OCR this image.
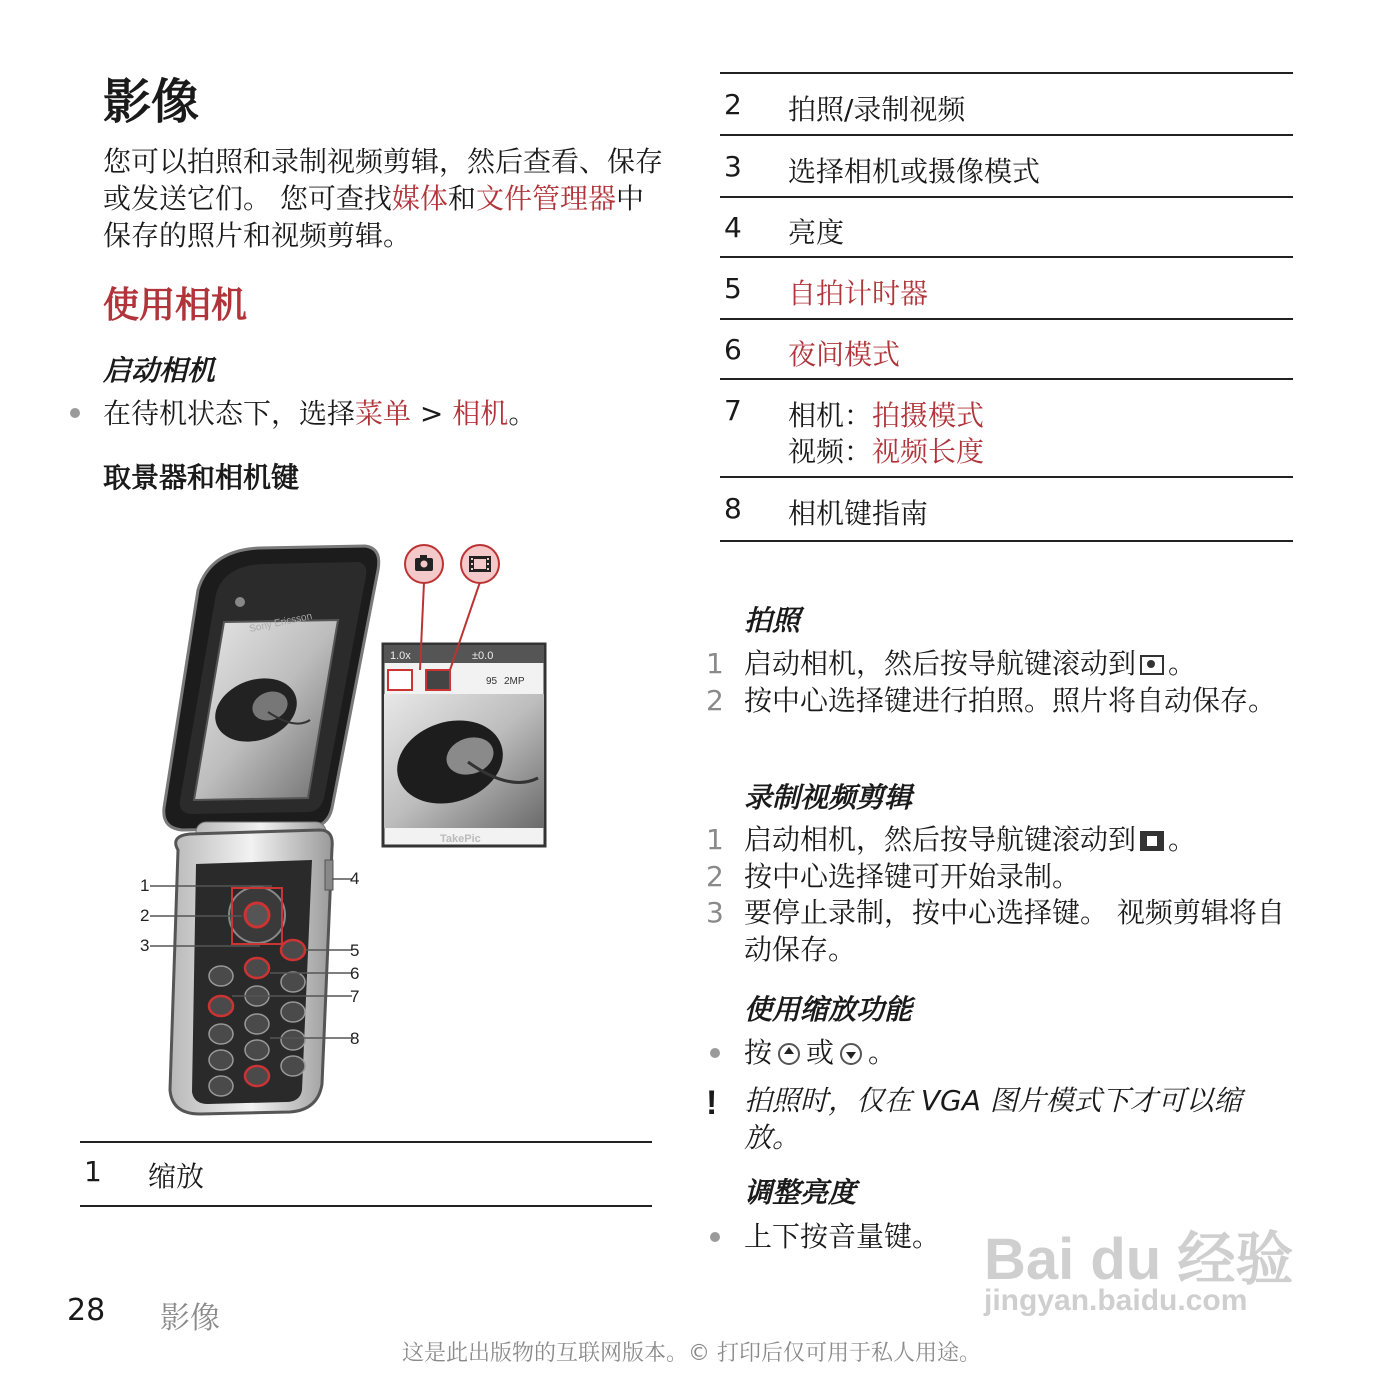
影像
您可以拍照和录制视频剪辑，然后查看、保存或发送它们。 您可查找媒体和文件管理器中保存的照片和视频剪辑。
使用相机
启动相机
在待机状态下，选择菜单 > 相机。
取景器和相机键
Sony Ericsson
1
2
3
4
5
6
7
8
1.0x	±0.0
95 2MP
TakePic
1 缩放
2 拍照/录制视频
3 选择相机或摄像模式
4 亮度
5 自拍计时器
6 夜间模式
7 相机：拍摄模式
视频：视频长度
8 相机键指南
拍照
1 启动相机，然后按导航键滚动到 。
2 按中心选择键进行拍照。照片将自动保存。
录制视频剪辑
1 启动相机，然后按导航键滚动到 。
2 按中心选择键可开始录制。
3 要停止录制，按中心选择键。 视频剪辑将自动保存。
使用缩放功能
按 或 。
! 拍照时，仅在 VGA 图片模式下才可以缩放。
调整亮度
上下按音量键。 Bai du 经验
jingyan.baidu.com
28 影像
这是此出版物的互联网版本。© 打印后仅可用于私人用途。
